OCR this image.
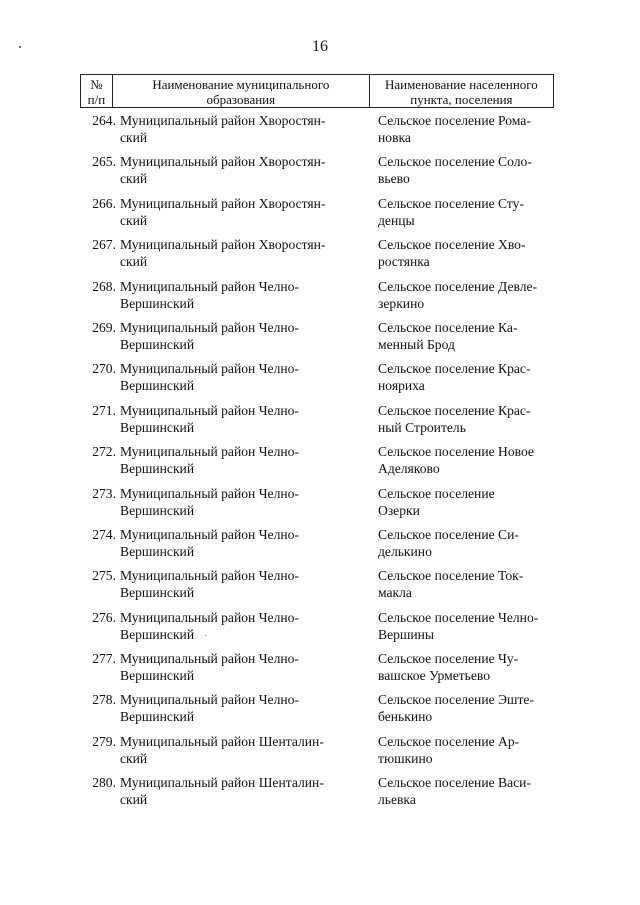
16
№
п/п
Наименование муниципального
образования
Наименование населенного
пункта, поселения
264. Муниципальный район Хворостян-
ский
Сельское поселение Рома-
новка
265. Муниципальный район Хворостян-
ский
Сельское поселение Соло-
вьево
266. Муниципальный район Хворостян-
ский
Сельское поселение Сту-
денцы
267. Муниципальный район Хворостян-
ский
Сельское поселение Хво-
ростянка
268. Муниципальный район Челно-
Вершинский
Сельское поселение Девле-
зеркино
269. Муниципальный район Челно-
Вершинский
Сельское поселение Ка-
менный Брод
270. Муниципальный район Челно-
Вершинский
Сельское поселение Крас-
нояриха
271. Муниципальный район Челно-
Вершинский
Сельское поселение Крас-
ный Строитель
272. Муниципальный район Челно-
Вершинский
Сельское поселение Новое
Аделяково
273. Муниципальный район Челно-
Вершинский
Сельское поселение
Озерки
274. Муниципальный район Челно-
Вершинский
Сельское поселение Си-
делькино
275. Муниципальный район Челно-
Вершинский
Сельское поселение Ток-
макла
276. Муниципальный район Челно-
Вершинский
Сельское поселение Челно-
Вершины
277. Муниципальный район Челно-
Вершинский
Сельское поселение Чу-
вашское Урметьево
278. Муниципальный район Челно-
Вершинский
Сельское поселение Эште-
бенькино
279. Муниципальный район Шенталин-
ский
Сельское поселение Ар-
тюшкино
280. Муниципальный район Шенталин-
ский
Сельское поселение Васи-
льевка
